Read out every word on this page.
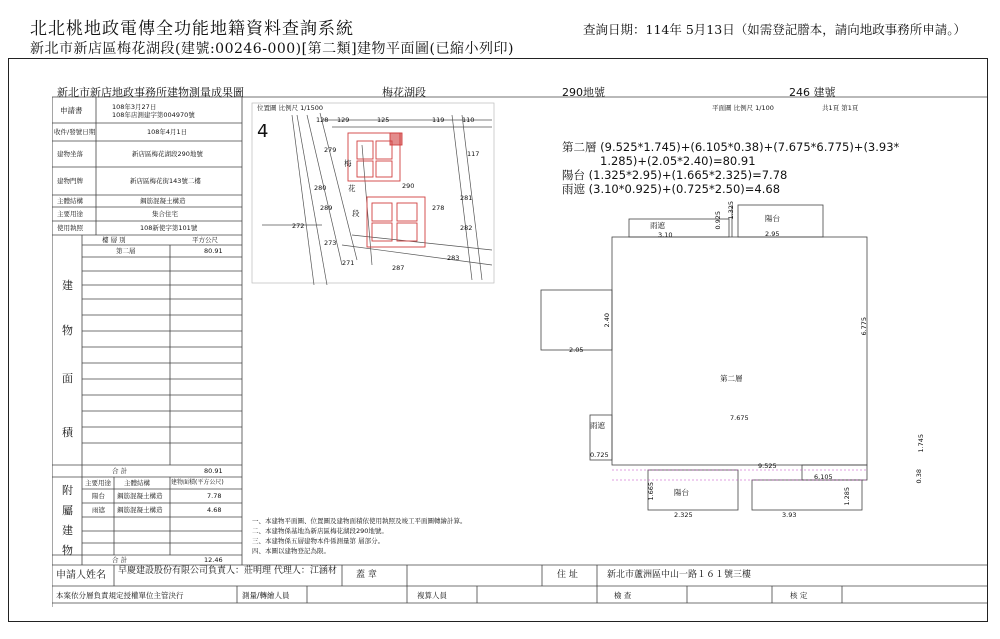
北北桃地政電傳全功能地籍資料查詢系統
新北市新店區梅花湖段(建號:00246-000)[第二類]建物平面圖(已縮小列印)
查詢日期：114年 5月13日（如需登記謄本，請向地政事務所申請。）
申請書	108年3月27日
108年店測建字第004970號
收件/發號日期	108年4月1日
建物坐落	新店區梅花湖段290地號
建物門牌	新店區梅花街143號二樓
主體結構	鋼筋混凝土構造
主要用途	集合住宅
使用執照	108新使字第101號
樓 層 別	平方公尺
第二層	80.91
建
物
面
積
合 計	80.91
附
屬
建
物
主要用途 主體結構	建物面積(平方公尺)
陽台 鋼筋混凝土構造	7.78
雨遮 鋼筋混凝土構造	4.68
合 計	12.46
新北市新店地政事務所建物測量成果圖	梅花湖段	290地號	246 建號
位置圖 比例尺 1/1500	平面圖 比例尺 1/100	共1頁 第1頁
4
梅
花
段
128 129	125	119	110
117
279
280	290
272
273
289	278
281
282
283
271
287
第二層 (9.525*1.745)+(6.105*0.38)+(7.675*6.775)+(3.93*
1.285)+(2.05*2.40)=80.91
陽台 (1.325*2.95)+(1.665*2.325)=7.78
雨遮 (3.10*0.925)+(0.725*2.50)=4.68
雨遮
3.10
0.925
1.325	陽台
2.95
2.40
2.05
6.775
第二層
7.675
雨遮
0.725
9.525
1.745
6.105	0.38
1.665	陽台
2.325	3.93
1.285
一、本建物平面圖、位置圖及建物面積依使用執照及竣工平面圖轉繪計算。
二、本建物係基地為新店區梅花湖段290地號。
三、本建物係五層建物本件係測量第 層部分。
四、本圖以建物登記為限。
申請人姓名 早慶建設股份有限公司負責人：莊明理 代理人：江涵材	蓋 章	住 址	新北市蘆洲區中山一路１６１號三樓
本案依分層負責規定授權單位主管決行	測量/轉繪人員	複算人員	檢 查	核 定
